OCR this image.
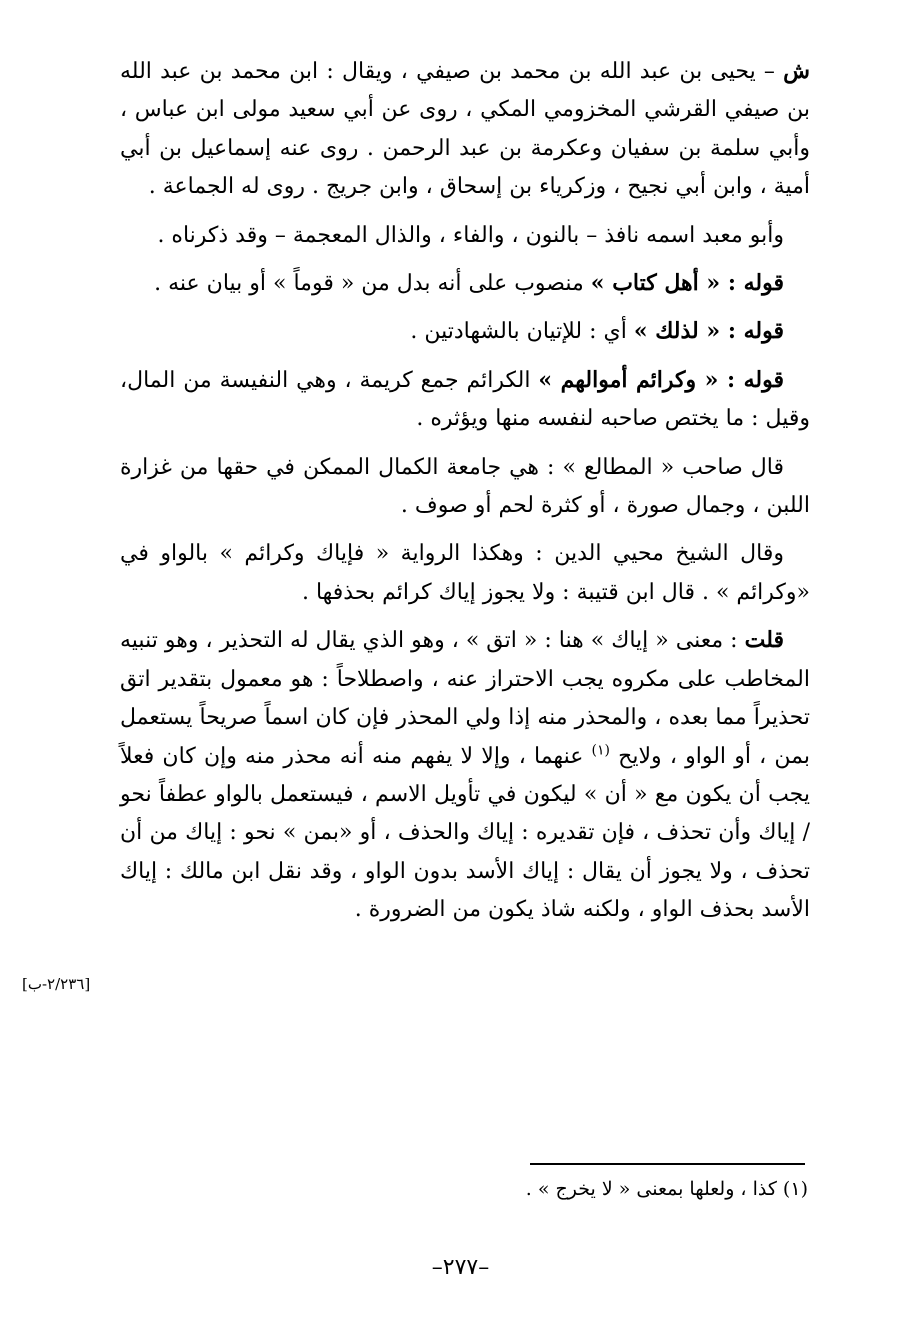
ش – يحيى بن عبد الله بن محمد بن صيفي ، ويقال : ابن محمد بن عبد الله بن صيفي القرشي المخزومي المكي ، روى عن أبي سعيد مولى ابن عباس ، وأبي سلمة بن سفيان وعكرمة بن عبد الرحمن . روى عنه إسماعيل بن أبي أمية ، وابن أبي نجيح ، وزكرياء بن إسحاق ، وابن جريج . روى له الجماعة .

وأبو معبد اسمه نافذ – بالنون ، والفاء ، والذال المعجمة – وقد ذكرناه .

قوله : « أهل كتاب » منصوب على أنه بدل من « قوماً » أو بيان عنه .

قوله : « لذلك » أي : للإتيان بالشهادتين .

قوله : « وكرائم أموالهم » الكرائم جمع كريمة ، وهي النفيسة من المال، وقيل : ما يختص صاحبه لنفسه منها ويؤثره .

قال صاحب « المطالع » : هي جامعة الكمال الممكن في حقها من غزارة اللبن ، وجمال صورة ، أو كثرة لحم أو صوف .

وقال الشيخ محيي الدين : وهكذا الرواية « فإياك وكرائم » بالواو في «وكرائم » . قال ابن قتيبة : ولا يجوز إياك كرائم بحذفها .

قلت : معنى « إياك » هنا : « اتق » ، وهو الذي يقال له التحذير ، وهو تنبيه المخاطب على مكروه يجب الاحتراز عنه ، واصطلاحاً : هو معمول بتقدير اتق تحذيراً مما بعده ، والمحذر منه إذا ولي المحذر فإن كان اسماً صريحاً يستعمل بمن ، أو الواو ، ولايح $^{(١)}$ عنهما ، وإلا لا يفهم منه أنه محذر منه وإن كان فعلاً يجب أن يكون مع « أن » ليكون في تأويل الاسم ، فيستعمل بالواو عطفاً نحو / إياك وأن تحذف ، فإن تقديره : إياك والحذف ، أو «بمن » نحو : إياك من أن تحذف ، ولا يجوز أن يقال : إياك الأسد بدون الواو ، وقد نقل ابن مالك : إياك الأسد بحذف الواو ، ولكنه شاذ يكون من الضرورة .

[٢/٢٣٦-ب]
(١) كذا ، ولعلها بمعنى « لا يخرج » .
–٢٧٧–
